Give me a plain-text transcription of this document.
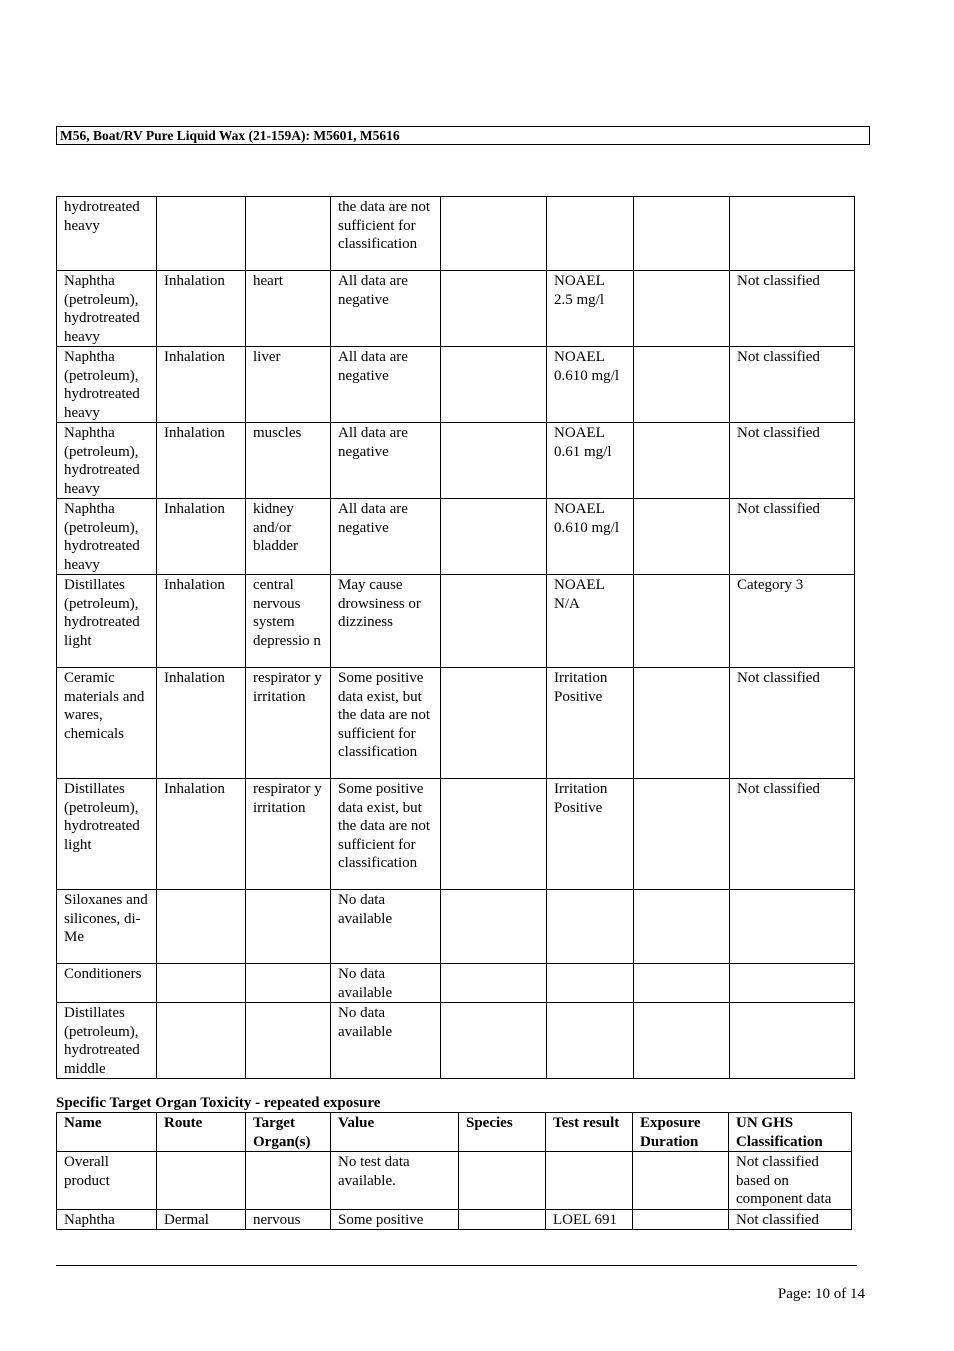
M56, Boat/RV Pure Liquid Wax (21-159A): M5601, M5616
hydrotreated heavy			the data are not sufficient for classification				
Naphtha (petroleum), hydrotreated heavy	Inhalation	heart	All data are negative		NOAEL 2.5 mg/l		Not classified
Naphtha (petroleum), hydrotreated heavy	Inhalation	liver	All data are negative		NOAEL 0.610 mg/l		Not classified
Naphtha (petroleum), hydrotreated heavy	Inhalation	muscles	All data are negative		NOAEL 0.61 mg/l		Not classified
Naphtha (petroleum), hydrotreated heavy	Inhalation	kidney and/or bladder	All data are negative		NOAEL 0.610 mg/l		Not classified
Distillates (petroleum), hydrotreated light	Inhalation	central nervous system depressio n	May cause drowsiness or dizziness		NOAEL N/A		Category 3
Ceramic materials and wares, chemicals	Inhalation	respirator y irritation	Some positive data exist, but the data are not sufficient for classification		Irritation Positive		Not classified
Distillates (petroleum), hydrotreated light	Inhalation	respirator y irritation	Some positive data exist, but the data are not sufficient for classification		Irritation Positive		Not classified
Siloxanes and silicones, di-Me			No data available				
Conditioners			No data available				
Distillates (petroleum), hydrotreated middle			No data available				
Specific Target Organ Toxicity - repeated exposure
Name	Route	Target Organ(s)	Value	Species	Test result	Exposure Duration	UN GHS Classification
Overall product			No test data available.				Not classified based on component data
Naphtha	Dermal	nervous	Some positive		LOEL 691		Not classified
Page: 10 of 14
